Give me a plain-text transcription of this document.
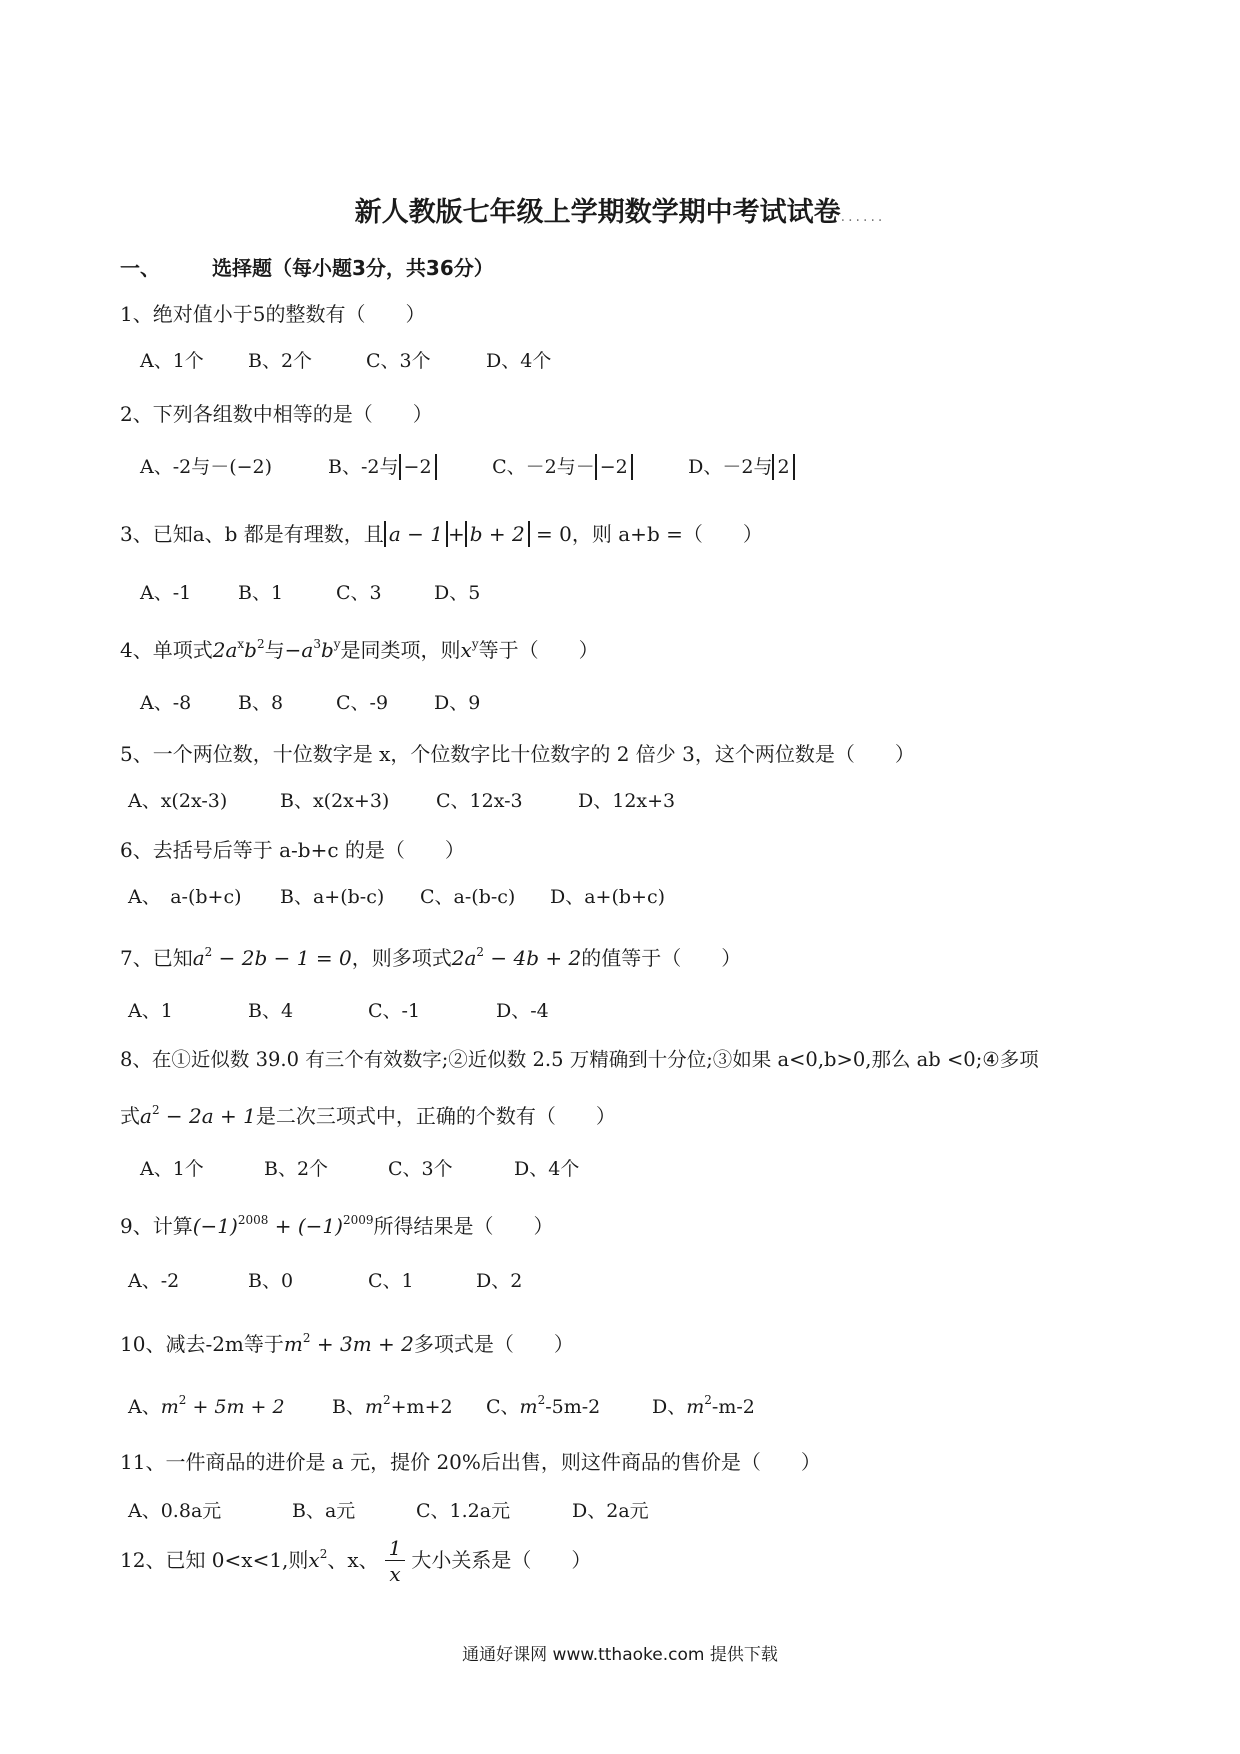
新人教版七年级上学期数学期中考试试卷......
一、	选择题（每小题3分，共36分）
1、绝对值小于5的整数有（　　）
A、1个 B、2个	C、3个	D、4个
2、下列各组数中相等的是（　　）
A、-2与－(−2)	B、-2与 −2	C、－2与－ −2	D、－2与 2
3、已知a、b 都是有理数，且 a − 1 + b + 2 = 0，则 a+b =（　　）
A、-1 B、1	C、3	D、5
4、单项式$2a^xb^2$与$-a^3b^y$是同类项，则$x^y$等于（　　）
A、-8 B、8	C、-9 D、9
5、一个两位数，十位数字是 x，个位数字比十位数字的 2 倍少 3，这个两位数是（　　）
A、x(2x-3)	B、x(2x+3) C、12x-3	D、12x+3
6、去括号后等于 a-b+c 的是（　　）
A、　a-(b+c) B、a+(b-c) C、a-(b-c) D、a+(b+c)
7、已知$a^2 - 2b - 1 = 0$，则多项式$2a^2 - 4b + 2$的值等于（　　）
A、1	B、4	C、-1	D、-4
8、在①近似数 39.0 有三个有效数字;②近似数 2.5 万精确到十分位;③如果 a<0,b>0,那么 ab <0;④多项
式$a^2 - 2a + 1$是二次三项式中，正确的个数有（　　）
A、1个	B、2个	C、3个	D、4个
9、计算$(-1)^{2008} + (-1)^{2009}$所得结果是（　　）
A、-2	B、0	C、1	D、2
10、减去-2m等于$m^2 + 3m + 2$多项式是（　　）
A、$m^2 + 5m + 2$ B、$m^2+m+2$ C、$m^2-5m-2$	D、$m^2-m-2$
11、一件商品的进价是 a 元，提价 20%后出售，则这件商品的售价是（　　）
A、0.8a元	B、a元	C、1.2a元	D、2a元
12、已知 0<x<1,则$x^2$、x、 $\frac{1}{x}$ 大小关系是（　　）
通通好课网 www.tthaoke.com 提供下载
